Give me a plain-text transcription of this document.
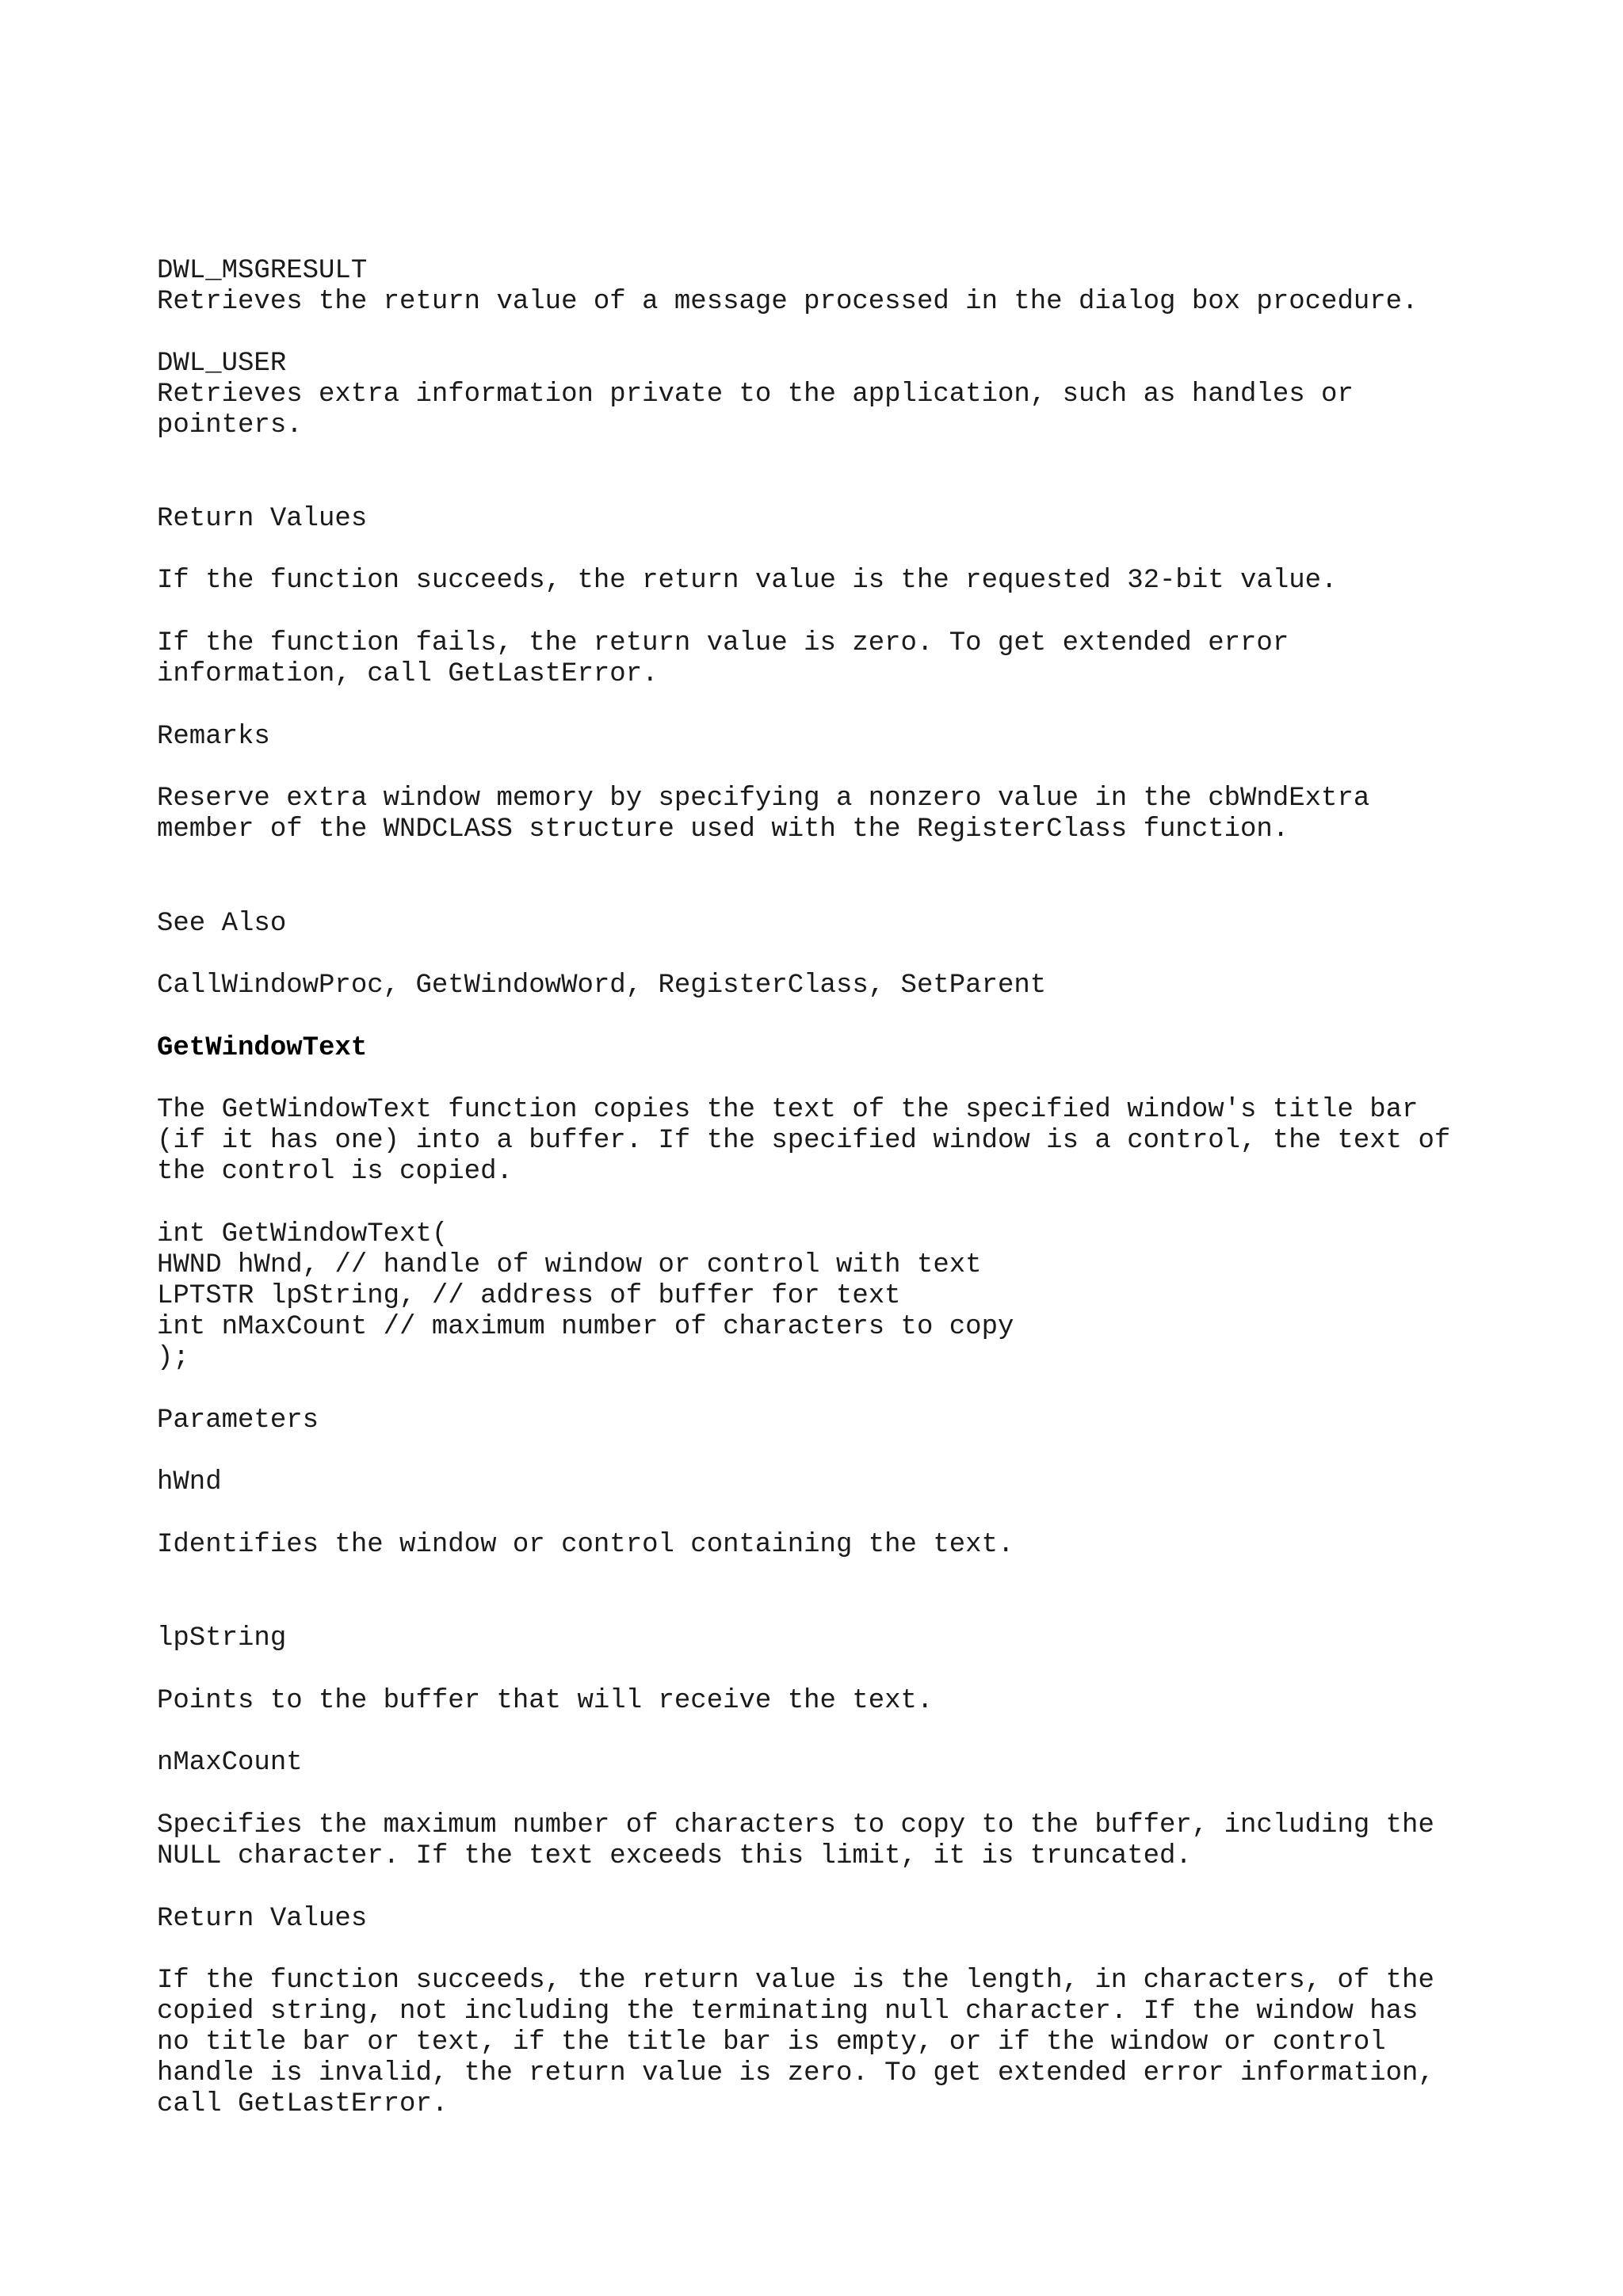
DWL_MSGRESULT

Retrieves the return value of a message processed in the dialog box procedure.

DWL_USER

Retrieves extra information private to the application, such as handles or

pointers.

Return Values

If the function succeeds, the return value is the requested 32-bit value.

If the function fails, the return value is zero. To get extended error

information, call GetLastError.

Remarks

Reserve extra window memory by specifying a nonzero value in the cbWndExtra

member of the WNDCLASS structure used with the RegisterClass function.

See Also

CallWindowProc, GetWindowWord, RegisterClass, SetParent

GetWindowText

The GetWindowText function copies the text of the specified window's title bar

(if it has one) into a buffer. If the specified window is a control, the text of

the control is copied.

int GetWindowText(

HWND hWnd, // handle of window or control with text

LPTSTR lpString, // address of buffer for text

int nMaxCount // maximum number of characters to copy

);

Parameters

hWnd

Identifies the window or control containing the text.

lpString

Points to the buffer that will receive the text.

nMaxCount

Specifies the maximum number of characters to copy to the buffer, including the

NULL character. If the text exceeds this limit, it is truncated.

Return Values

If the function succeeds, the return value is the length, in characters, of the

copied string, not including the terminating null character. If the window has

no title bar or text, if the title bar is empty, or if the window or control

handle is invalid, the return value is zero. To get extended error information,

call GetLastError.
